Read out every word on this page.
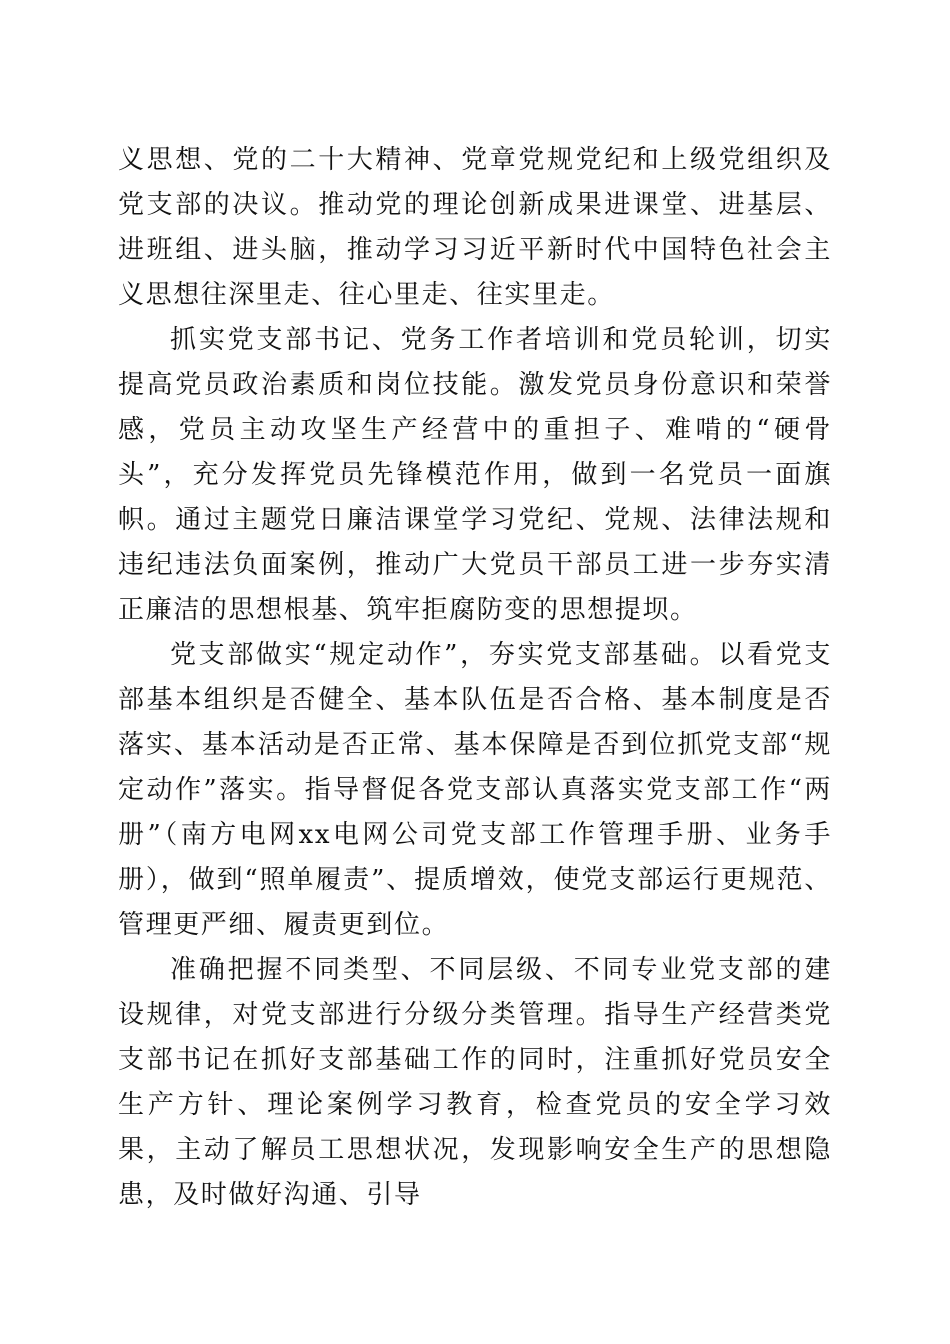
义思想、党的二十大精神、党章党规党纪和上级党组织及党支部的决议。推动党的理论创新成果进课堂、进基层、进班组、进头脑，推动学习习近平新时代中国特色社会主义思想往深里走、往心里走、往实里走。

抓实党支部书记、党务工作者培训和党员轮训，切实提高党员政治素质和岗位技能。激发党员身份意识和荣誉感，党员主动攻坚生产经营中的重担子、难啃的“硬骨头”，充分发挥党员先锋模范作用，做到一名党员一面旗帜。通过主题党日廉洁课堂学习党纪、党规、法律法规和违纪违法负面案例，推动广大党员干部员工进一步夯实清正廉洁的思想根基、筑牢拒腐防变的思想提坝。

党支部做实“规定动作”，夯实党支部基础。以看党支部基本组织是否健全、基本队伍是否合格、基本制度是否落实、基本活动是否正常、基本保障是否到位抓党支部“规定动作”落实。指导督促各党支部认真落实党支部工作“两册”（南方电网xx电网公司党支部工作管理手册、业务手册），做到“照单履责”、提质增效，使党支部运行更规范、管理更严细、履责更到位。

准确把握不同类型、不同层级、不同专业党支部的建设规律，对党支部进行分级分类管理。指导生产经营类党支部书记在抓好支部基础工作的同时，注重抓好党员安全生产方针、理论案例学习教育，检查党员的安全学习效果，主动了解员工思想状况，发现影响安全生产的思想隐患，及时做好沟通、引导
